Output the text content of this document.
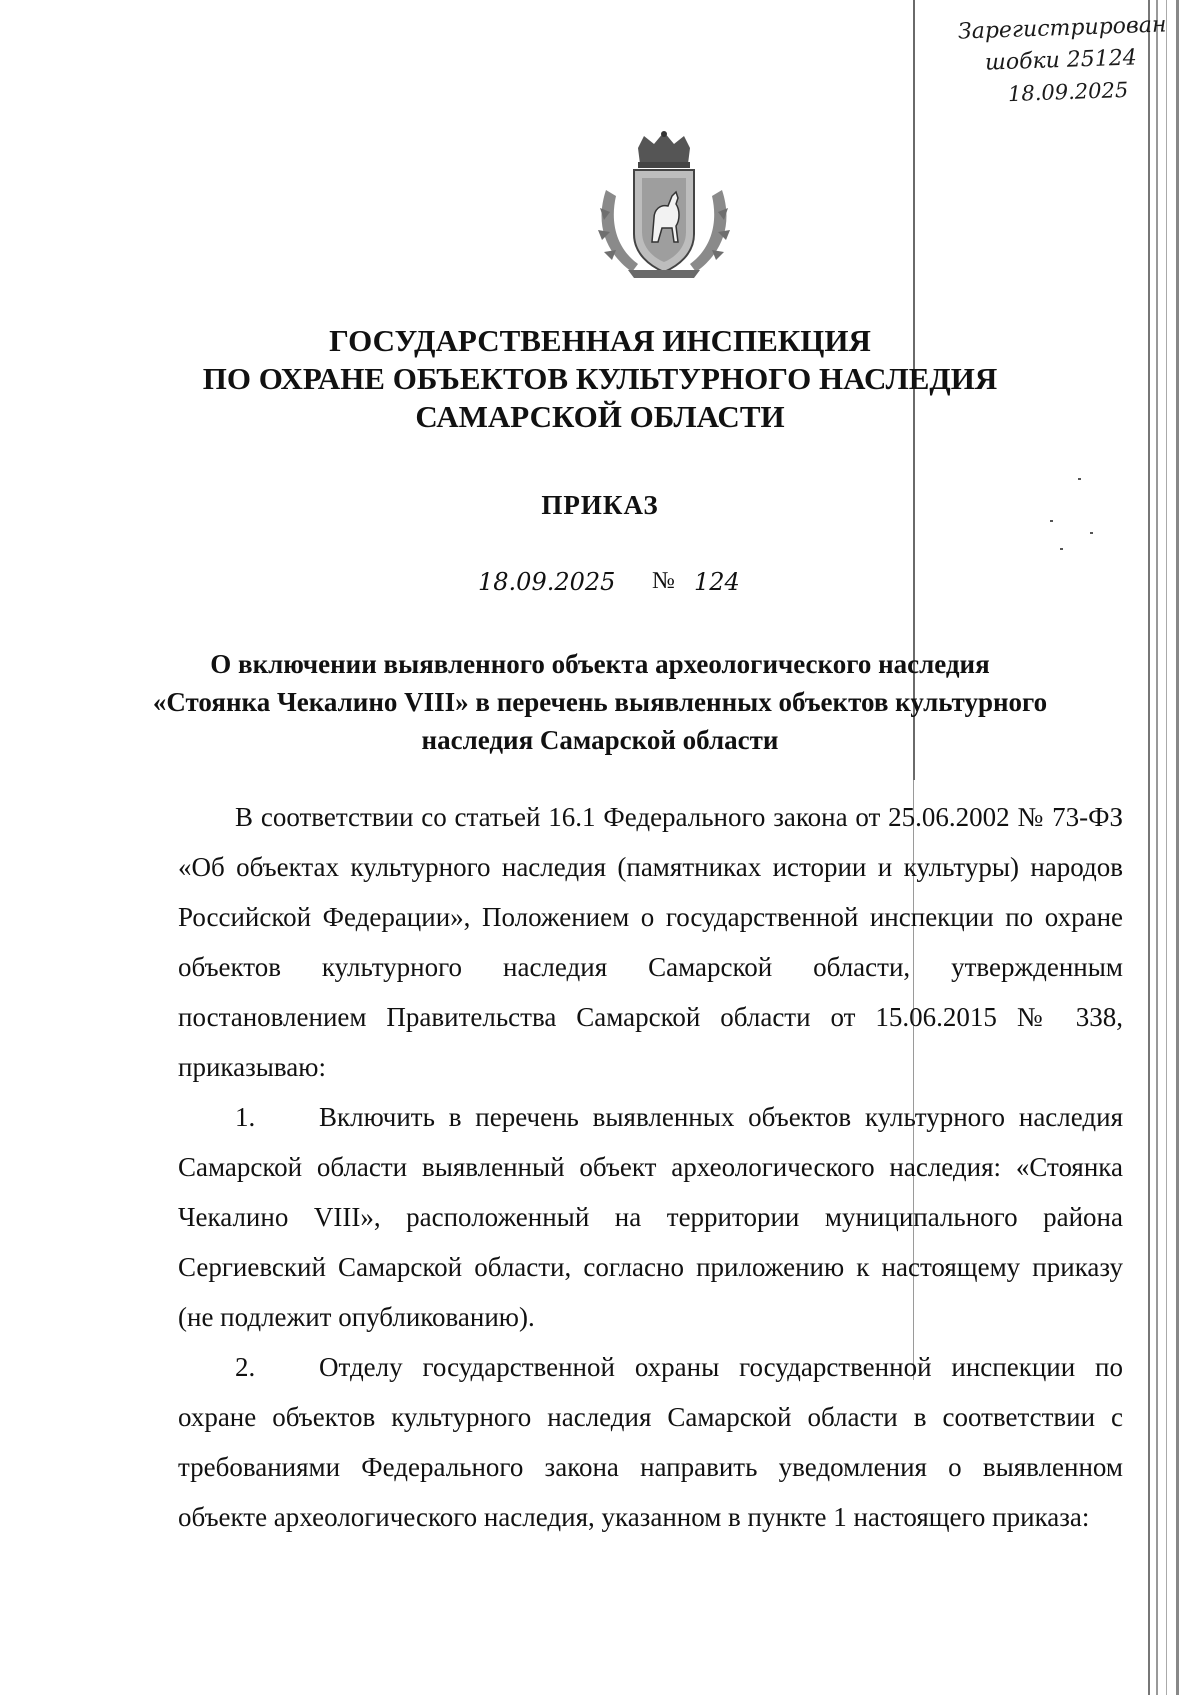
Зарегистрирован
шобки 25124
18.09.2025
ГОСУДАРСТВЕННАЯ ИНСПЕКЦИЯ
ПО ОХРАНЕ ОБЪЕКТОВ КУЛЬТУРНОГО НАСЛЕДИЯ
САМАРСКОЙ ОБЛАСТИ
ПРИКАЗ
18.09.2025 № 124
О включении выявленного объекта археологического наследия
«Стоянка Чекалино VIII» в перечень выявленных объектов культурного
наследия Самарской области

В соответствии со статьей 16.1 Федерального закона от 25.06.2002 № 73-ФЗ «Об объектах культурного наследия (памятниках истории и культуры) народов Российской Федерации», Положением о государственной инспекции по охране объектов культурного наследия Самарской области, утвержденным постановлением Правительства Самарской области от 15.06.2015 № 338, приказываю:

1. Включить в перечень выявленных объектов культурного наследия Самарской области выявленный объект археологического наследия: «Стоянка Чекалино VIII», расположенный на территории муниципального района Сергиевский Самарской области, согласно приложению к настоящему приказу (не подлежит опубликованию).

2. Отделу государственной охраны государственной инспекции по охране объектов культурного наследия Самарской области в соответствии с требованиями Федерального закона направить уведомления о выявленном объекте археологического наследия, указанном в пункте 1 настоящего приказа:
